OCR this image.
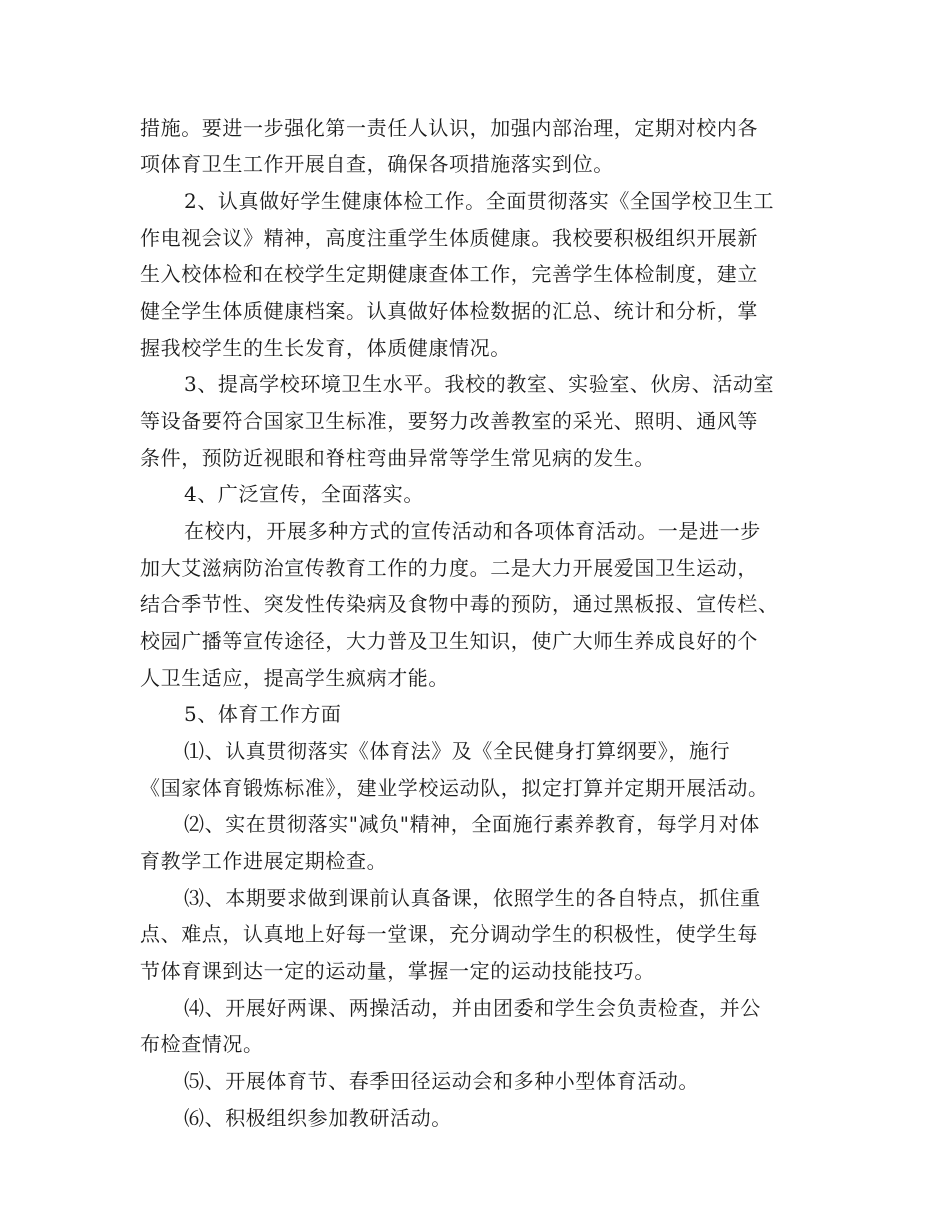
措施。要进一步强化第一责任人认识，加强内部治理，定期对校内各
项体育卫生工作开展自查，确保各项措施落实到位。
2、认真做好学生健康体检工作。全面贯彻落实《全国学校卫生工
作电视会议》精神，高度注重学生体质健康。我校要积极组织开展新
生入校体检和在校学生定期健康查体工作，完善学生体检制度，建立
健全学生体质健康档案。认真做好体检数据的汇总、统计和分析，掌
握我校学生的生长发育，体质健康情况。
3、提高学校环境卫生水平。我校的教室、实验室、伙房、活动室
等设备要符合国家卫生标准，要努力改善教室的采光、照明、通风等
条件，预防近视眼和脊柱弯曲异常等学生常见病的发生。
4、广泛宣传，全面落实。
在校内，开展多种方式的宣传活动和各项体育活动。一是进一步
加大艾滋病防治宣传教育工作的力度。二是大力开展爱国卫生运动，
结合季节性、突发性传染病及食物中毒的预防，通过黑板报、宣传栏、
校园广播等宣传途径，大力普及卫生知识，使广大师生养成良好的个
人卫生适应，提高学生疯病才能。
5、体育工作方面
⑴、认真贯彻落实《体育法》及《全民健身打算纲要》，施行
《国家体育锻炼标准》，建业学校运动队，拟定打算并定期开展活动。
⑵、实在贯彻落实"减负"精神，全面施行素养教育，每学月对体
育教学工作进展定期检查。
⑶、本期要求做到课前认真备课，依照学生的各自特点，抓住重
点、难点，认真地上好每一堂课，充分调动学生的积极性，使学生每
节体育课到达一定的运动量，掌握一定的运动技能技巧。
⑷、开展好两课、两操活动，并由团委和学生会负责检查，并公
布检查情况。
⑸、开展体育节、春季田径运动会和多种小型体育活动。
⑹、积极组织参加教研活动。
